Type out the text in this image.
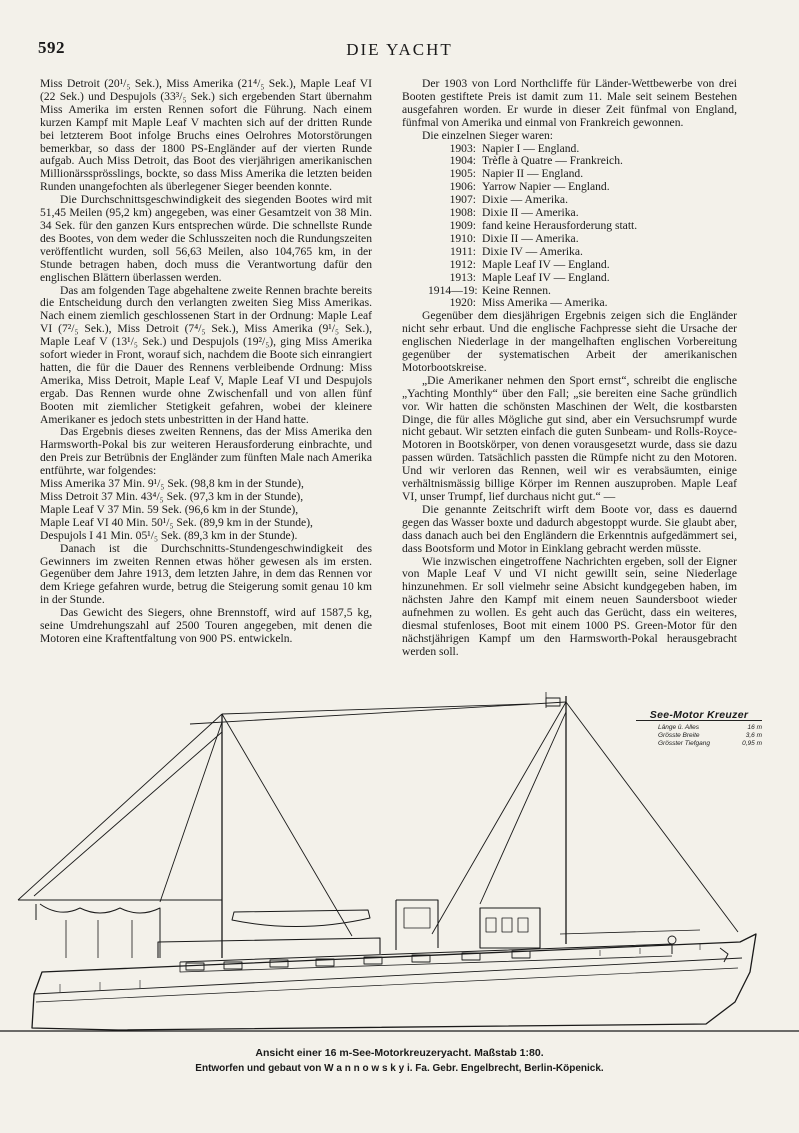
592	DIE YACHT

Miss Detroit (20¹/₅ Sek.), Miss Amerika (21⁴/₅ Sek.), Maple Leaf VI (22 Sek.) und Despujols (33³/₅ Sek.) sich ergebenden Start übernahm Miss Amerika im ersten Rennen sofort die Führung. Nach einem kurzen Kampf mit Maple Leaf V machten sich auf der dritten Runde bei letzterem Boot infolge Bruchs eines Oelrohres Motorstörungen bemerkbar, so dass der 1800 PS-Engländer auf der vierten Runde aufgab. Auch Miss Detroit, das Boot des vierjährigen amerikanischen Millionärssprösslings, bockte, so dass Miss Amerika die letzten beiden Runden unangefochten als überlegener Sieger beenden konnte.

Die Durchschnittsgeschwindigkeit des siegenden Bootes wird mit 51,45 Meilen (95,2 km) angegeben, was einer Gesamtzeit von 38 Min. 34 Sek. für den ganzen Kurs entsprechen würde. Die schnellste Runde des Bootes, von dem weder die Schlusszeiten noch die Rundungszeiten veröffentlicht wurden, soll 56,63 Meilen, also 104,765 km, in der Stunde betragen haben, doch muss die Verantwortung dafür den englischen Blättern überlassen werden.

Das am folgenden Tage abgehaltene zweite Rennen brachte bereits die Entscheidung durch den verlangten zweiten Sieg Miss Amerikas. Nach einem ziemlich geschlossenen Start in der Ordnung: Maple Leaf VI (7²/₅ Sek.), Miss Detroit (7⁴/₅ Sek.), Miss Amerika (9¹/₅ Sek.), Maple Leaf V (13¹/₅ Sek.) und Despujols (19²/₅), ging Miss Amerika sofort wieder in Front, worauf sich, nachdem die Boote sich einrangiert hatten, die für die Dauer des Rennens verbleibende Ordnung: Miss Amerika, Miss Detroit, Maple Leaf V, Maple Leaf VI und Despujols ergab. Das Rennen wurde ohne Zwischenfall und von allen fünf Booten mit ziemlicher Stetigkeit gefahren, wobei der kleinere Amerikaner es jedoch stets unbestritten in der Hand hatte.

Das Ergebnis dieses zweiten Rennens, das der Miss Amerika den Harmsworth-Pokal bis zur weiteren Herausforderung einbrachte, und den Preis zur Betrübnis der Engländer zum fünften Male nach Amerika entführte, war folgendes:

Miss Amerika 37 Min. 9¹/₅ Sek. (98,8 km in der Stunde),
Miss Detroit 37 Min. 43⁴/₅ Sek. (97,3 km in der Stunde),
Maple Leaf V 37 Min. 59 Sek. (96,6 km in der Stunde),
Maple Leaf VI 40 Min. 50¹/₅ Sek. (89,9 km in der Stunde),
Despujols I 41 Min. 05¹/₅ Sek. (89,3 km in der Stunde).

Danach ist die Durchschnitts-Stundengeschwindigkeit des Gewinners im zweiten Rennen etwas höher gewesen als im ersten. Gegenüber dem Jahre 1913, dem letzten Jahre, in dem das Rennen vor dem Kriege gefahren wurde, betrug die Steigerung somit genau 10 km in der Stunde.

Das Gewicht des Siegers, ohne Brennstoff, wird auf 1587,5 kg, seine Umdrehungszahl auf 2500 Touren angegeben, mit denen die Motoren eine Kraftentfaltung von 900 PS. entwickeln.

Der 1903 von Lord Northcliffe für Länder-Wettbewerbe von drei Booten gestiftete Preis ist damit zum 11. Male seit seinem Bestehen ausgefahren worden. Er wurde in dieser Zeit fünfmal von England, fünfmal von Amerika und einmal von Frankreich gewonnen.

Die einzelnen Sieger waren:

1903: Napier I — England.
1904: Trèfle à Quatre — Frankreich.
1905: Napier II — England.
1906: Yarrow Napier — England.
1907: Dixie — Amerika.
1908: Dixie II — Amerika.
1909: fand keine Herausforderung statt.
1910: Dixie II — Amerika.
1911: Dixie IV — Amerika.
1912: Maple Leaf IV — England.
1913: Maple Leaf IV — England.
1914—19: Keine Rennen.
1920: Miss Amerika — Amerika.

Gegenüber dem diesjährigen Ergebnis zeigen sich die Engländer nicht sehr erbaut. Und die englische Fachpresse sieht die Ursache der englischen Niederlage in der mangelhaften englischen Vorbereitung gegenüber der systematischen Arbeit der amerikanischen Motorbootskreise.

„Die Amerikaner nehmen den Sport ernst“, schreibt die englische „Yachting Monthly“ über den Fall; „sie bereiten eine Sache gründlich vor. Wir hatten die schönsten Maschinen der Welt, die kostbarsten Dinge, die für alles Mögliche gut sind, aber ein Versuchsrumpf wurde nicht gebaut. Wir setzten einfach die guten Sunbeam- und Rolls-Royce-Motoren in Bootskörper, von denen vorausgesetzt wurde, dass sie dazu passen würden. Tatsächlich passten die Rümpfe nicht zu den Motoren. Und wir verloren das Rennen, weil wir es verabsäumten, einige verhältnismässig billige Körper im Rennen auszuproben. Maple Leaf VI, unser Trumpf, lief durchaus nicht gut.“ —

Die genannte Zeitschrift wirft dem Boote vor, dass es dauernd gegen das Wasser boxte und dadurch abgestoppt wurde. Sie glaubt aber, dass danach auch bei den Engländern die Erkenntnis aufgedämmert sei, dass Bootsform und Motor in Einklang gebracht werden müsste.

Wie inzwischen eingetroffene Nachrichten ergeben, soll der Eigner von Maple Leaf V und VI nicht gewillt sein, seine Niederlage hinzunehmen. Er soll vielmehr seine Absicht kundgegeben haben, im nächsten Jahre den Kampf mit einem neuen Saundersboot wieder aufnehmen zu wollen. Es geht auch das Gerücht, dass ein weiteres, diesmal stufenloses, Boot mit einem 1000 PS. Green-Motor für den nächstjährigen Kampf um den Harmsworth-Pokal herausgebracht werden soll.

See-Motor Kreuzer
Länge ü. Alles	16 m
Grösste Breite	3,6 m
Grösster Tiefgang	0,95 m
Ansicht einer 16 m-See-Motorkreuzeryacht. Maßstab 1:80.
Entworfen und gebaut von W a n n o w s k y i. Fa. Gebr. Engelbrecht, Berlin-Köpenick.
